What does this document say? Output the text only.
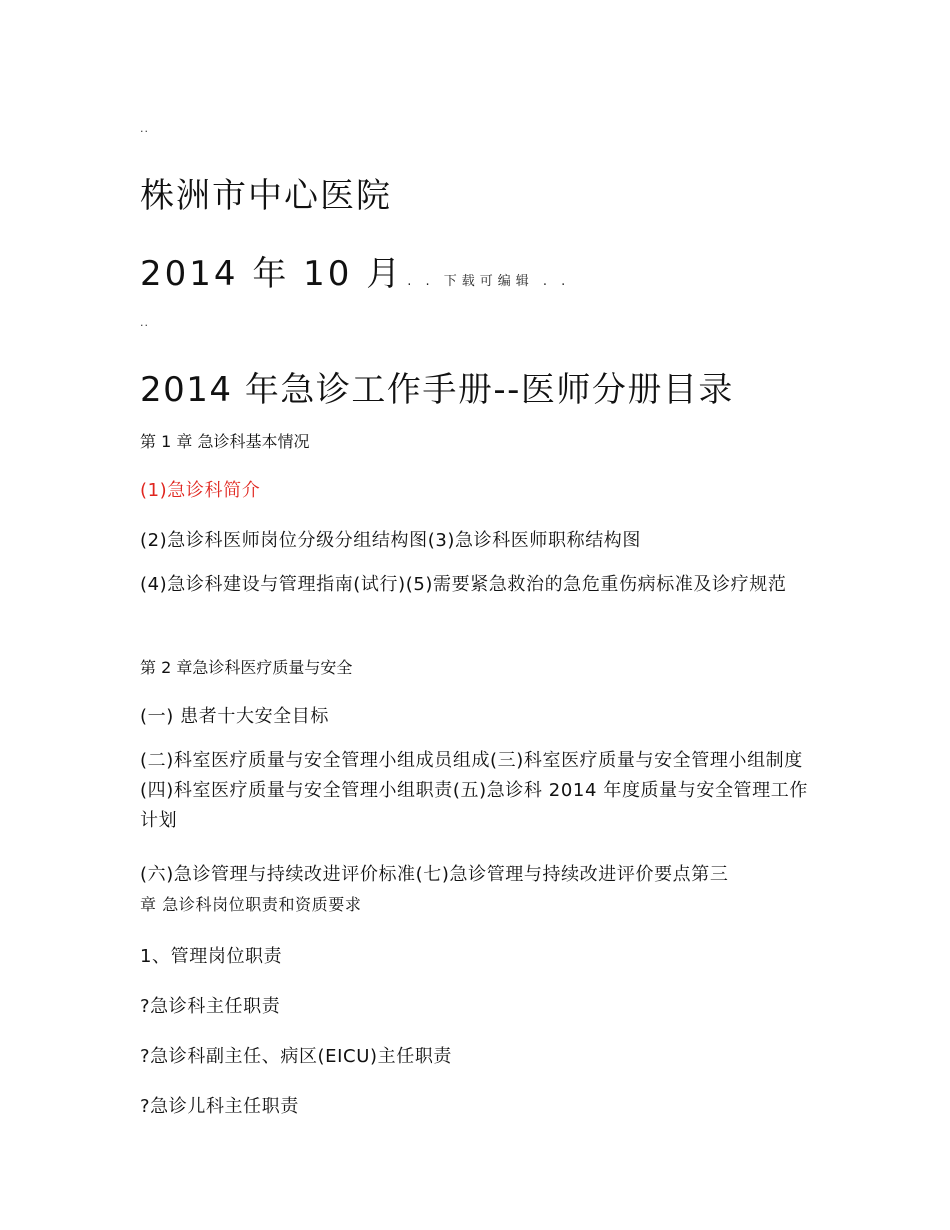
..
株洲市中心医院
2014 年 10 月 . . 下载可编辑 . .
..
2014 年急诊工作手册--医师分册目录
第 1 章 急诊科基本情况
(1)急诊科简介
(2)急诊科医师岗位分级分组结构图(3)急诊科医师职称结构图
(4)急诊科建设与管理指南(试行)(5)需要紧急救治的急危重伤病标准及诊疗规范
第 2 章急诊科医疗质量与安全
(一) 患者十大安全目标
(二)科室医疗质量与安全管理小组成员组成(三)科室医疗质量与安全管理小组制度(四)科室医疗质量与安全管理小组职责(五)急诊科 2014 年度质量与安全管理工作计划
(六)急诊管理与持续改进评价标准(七)急诊管理与持续改进评价要点第三
章 急诊科岗位职责和资质要求
1、管理岗位职责
?急诊科主任职责
?急诊科副主任、病区(EICU)主任职责
?急诊儿科主任职责
